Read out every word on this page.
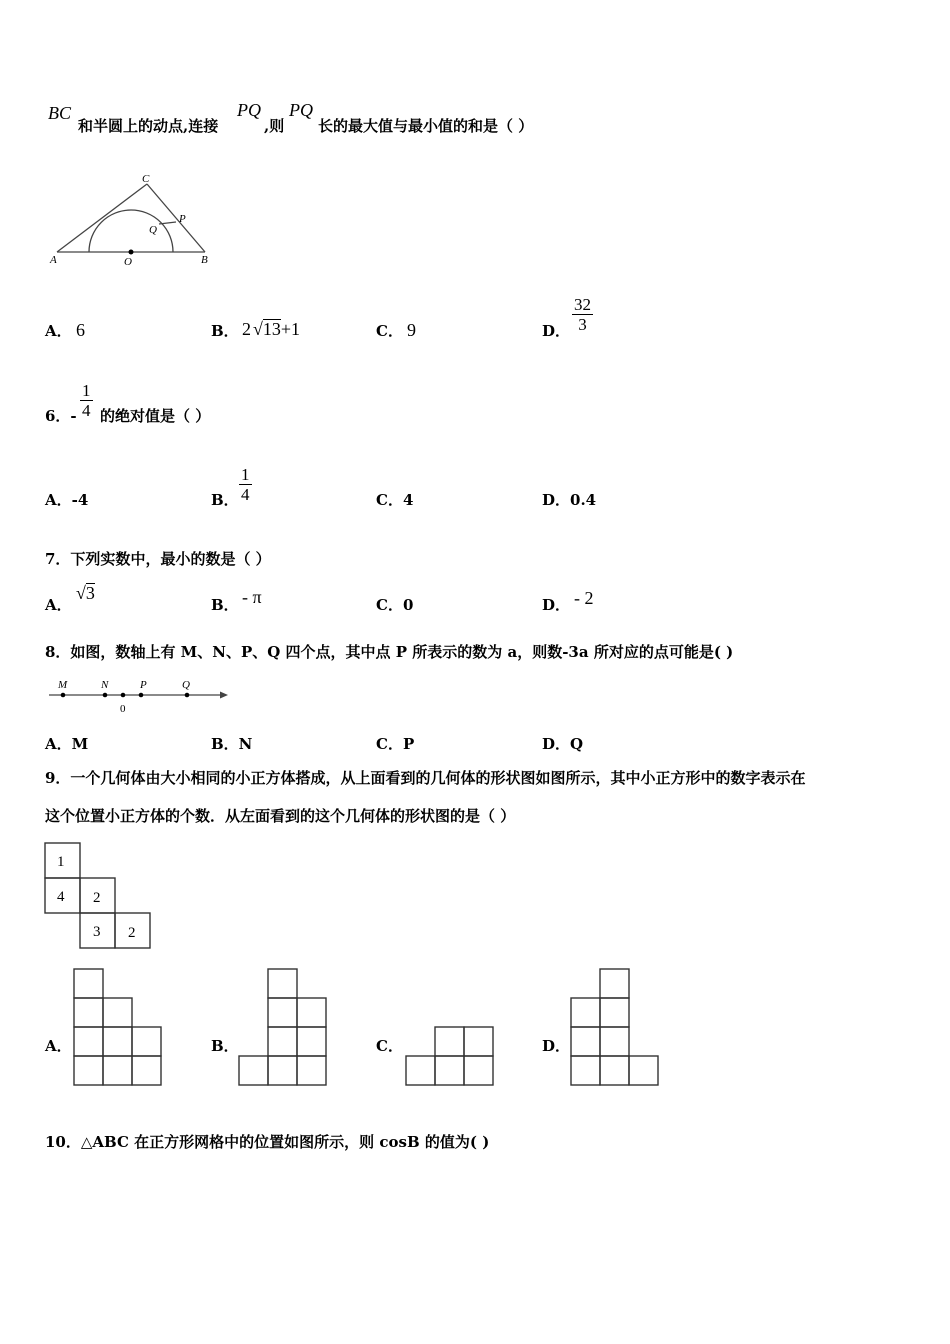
BC
和半圆上的动点,连接
PQ
,则
PQ
长的最大值与最小值的和是（ ）
A	O	B
C
P
Q
A． 6	B． 2 √ 13 +1	C． 9	D．
32
3
6．-
1
4 的绝对值是（ ）
A．-4	B．
1
4	C．4	D．0.4
7．下列实数中，最小的数是（ ）
A．
√ 3
B． - π	C．0	D． - 2
8．如图，数轴上有 M、N、P、Q 四个点，其中点 P 所表示的数为 a，则数-3a 所对应的点可能是( )
M	N	P	Q
0
A．M	B．N	C．P	D．Q
9．一个几何体由大小相同的小正方体搭成，从上面看到的几何体的形状图如图所示，其中小正方形中的数字表示在
这个位置小正方体的个数．从左面看到的这个几何体的形状图的是（ ）
1
4 2
3 2
A．	B．	C．	D．
10．△ABC 在正方形网格中的位置如图所示，则 cosB 的值为( )
